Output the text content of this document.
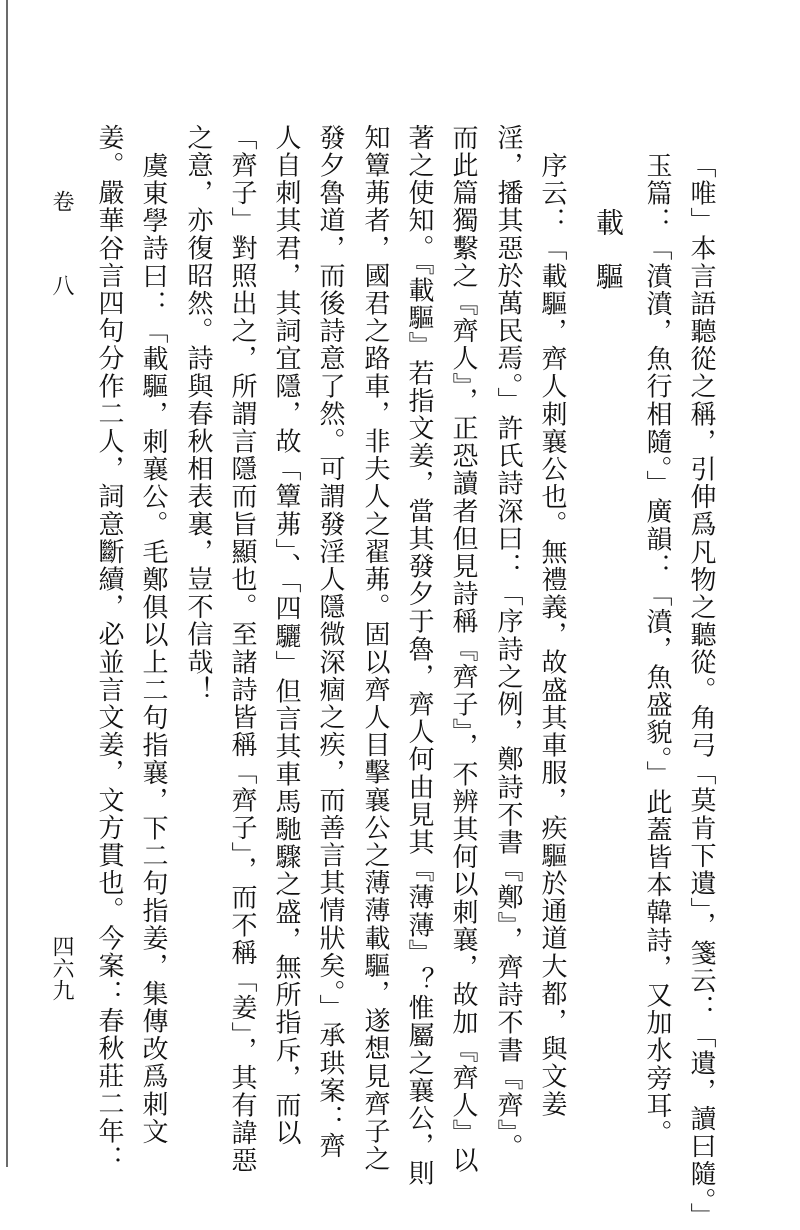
「唯」本言語聽從之稱，引伸爲凡物之聽從。角弓「莫肯下遺」，箋云：「遺，讀曰隨。」
玉篇：「濆濆，魚行相隨。」廣韻：「濆，魚盛貌。」此蓋皆本韓詩，又加水旁耳。
載驅
序云：「載驅，齊人刺襄公也。無禮義，故盛其車服，疾驅於通道大都，與文姜
淫，播其惡於萬民焉。」許氏詩深曰：「序詩之例，鄭詩不書『鄭』，齊詩不書『齊』。
而此篇獨繫之『齊人』，正恐讀者但見詩稱『齊子』，不辨其何以刺襄，故加『齊人』以
著之使知。『載驅』若指文姜，當其發夕于魯，齊人何由見其『薄薄』？惟屬之襄公，則
知簟茀者，國君之路車，非夫人之翟茀。固以齊人目擊襄公之薄薄載驅，遂想見齊子之
發夕魯道，而後詩意了然。可謂發淫人隱微深痼之疾，而善言其情狀矣。」承珙案：齊
人自刺其君，其詞宜隱，故「簟茀」、「四驪」但言其車馬馳驟之盛，無所指斥，而以
「齊子」對照出之，所謂言隱而旨顯也。至諸詩皆稱「齊子」，而不稱「姜」，其有諱惡
之意，亦復昭然。詩與春秋相表裏，豈不信哉！
虞東學詩曰：「載驅，刺襄公。毛鄭俱以上二句指襄，下二句指姜，集傳改爲刺文
姜。嚴華谷言四句分作二人，詞意斷續，必並言文姜，文方貫也。今案：春秋莊二年：
卷　八
四六九
